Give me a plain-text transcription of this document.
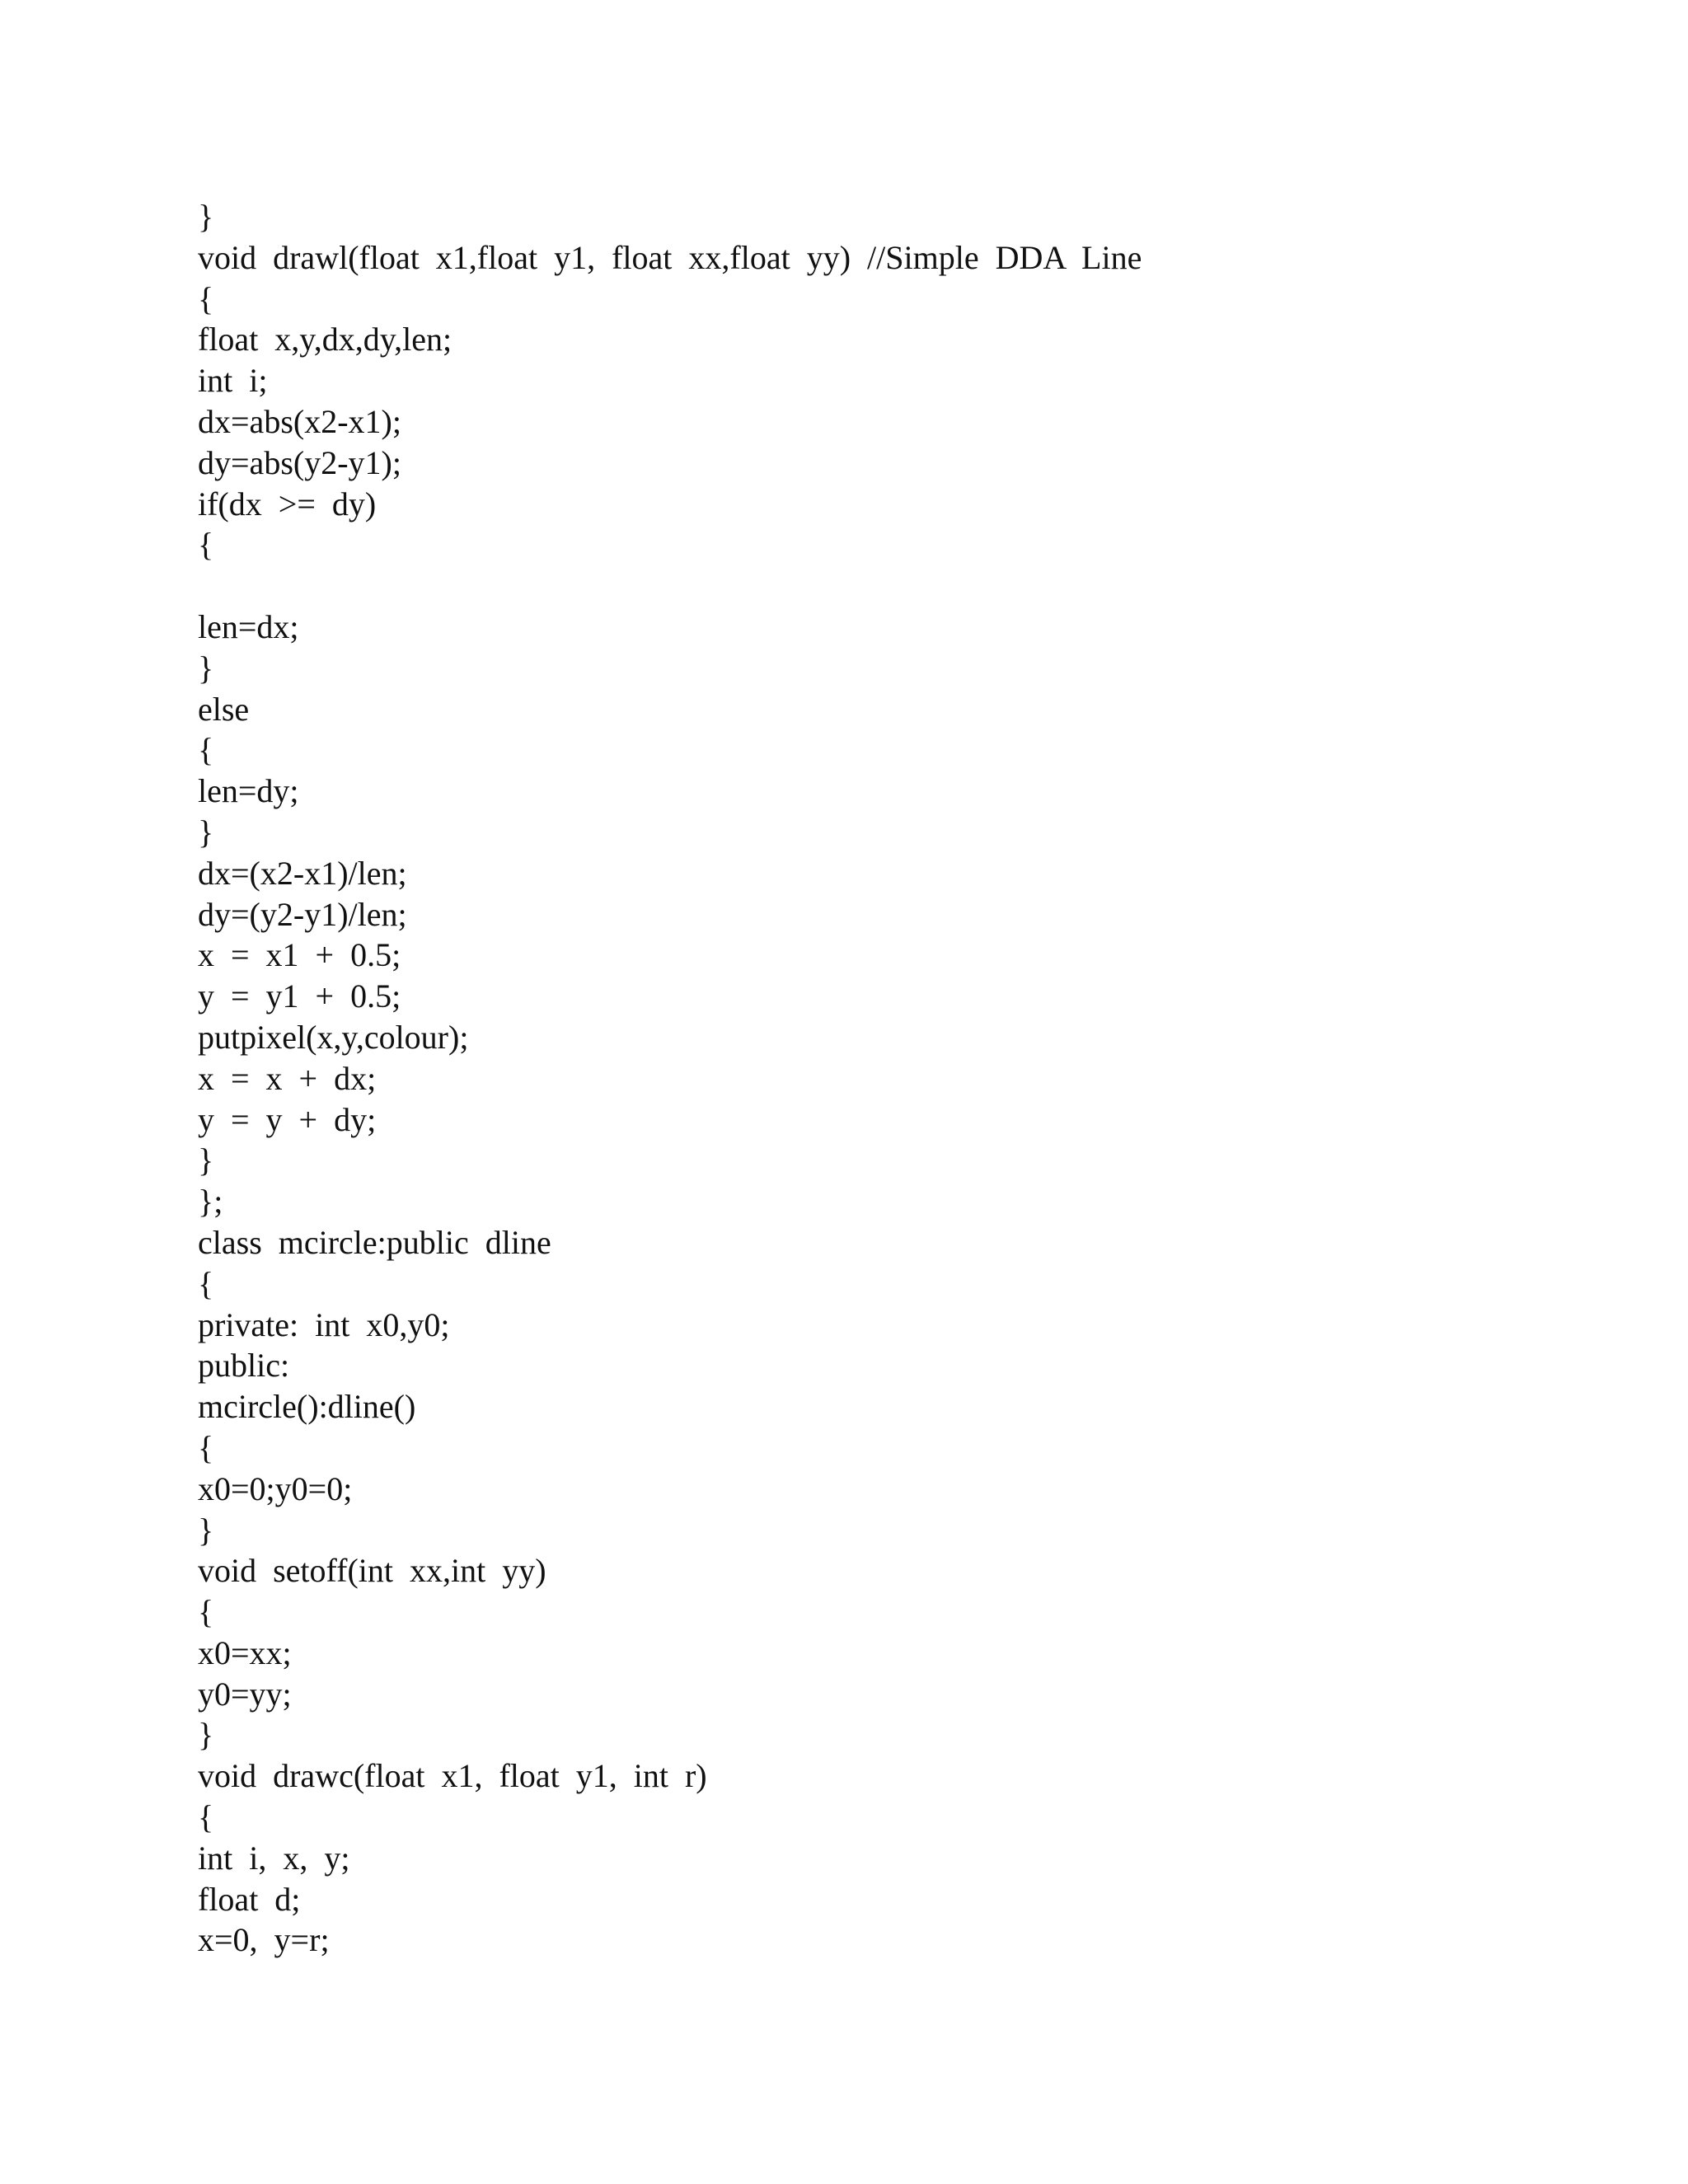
}
void  drawl(float  x1,float  y1,  float  xx,float  yy)  //Simple  DDA  Line
{
float  x,y,dx,dy,len;
int  i;
dx=abs(x2-x1);
dy=abs(y2-y1);
if(dx  >=  dy)
{
len=dx;
}
else
{
len=dy;
}
dx=(x2-x1)/len;
dy=(y2-y1)/len;
x  =  x1  +  0.5;
y  =  y1  +  0.5;
putpixel(x,y,colour);
x  =  x  +  dx;
y  =  y  +  dy;
}
};
class  mcircle:public  dline
{
private:  int  x0,y0;
public:
mcircle():dline()
{
x0=0;y0=0;
}
void  setoff(int  xx,int  yy)
{
x0=xx;
y0=yy;
}
void  drawc(float  x1,  float  y1,  int  r)
{
int  i,  x,  y;
float  d;
x=0,  y=r;
